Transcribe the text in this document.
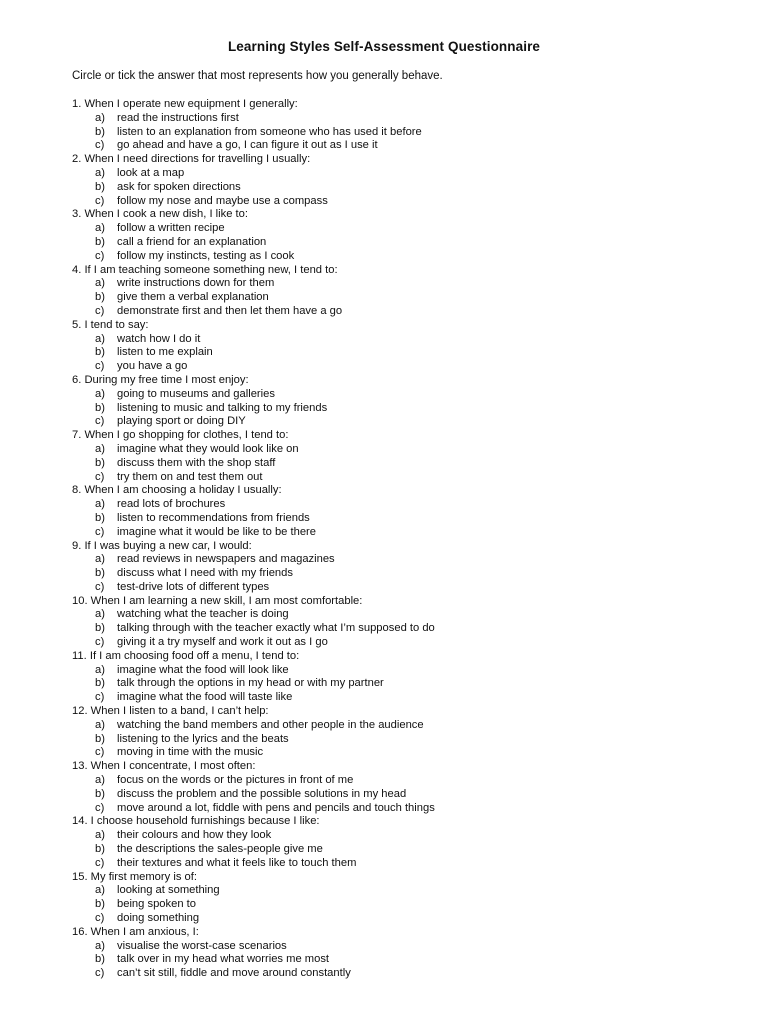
Learning Styles Self-Assessment Questionnaire
Circle or tick the answer that most represents how you generally behave.
1. When I operate new equipment I generally:
a)	read the instructions first
b)	listen to an explanation from someone who has used it before
c)	go ahead and have a go, I can figure it out as I use it
2. When I need directions for travelling I usually:
a)	look at a map
b)	ask for spoken directions
c)	follow my nose and maybe use a compass
3. When I cook a new dish, I like to:
a)	follow a written recipe
b)	call a friend for an explanation
c)	follow my instincts, testing as I cook
4. If I am teaching someone something new, I tend to:
a)	write instructions down for them
b)	give them a verbal explanation
c)	demonstrate first and then let them have a go
5. I tend to say:
a)	watch how I do it
b)	listen to me explain
c)	you have a go
6. During my free time I most enjoy:
a)	going to museums and galleries
b)	listening to music and talking to my friends
c)	playing sport or doing DIY
7. When I go shopping for clothes, I tend to:
a)	imagine what they would look like on
b)	discuss them with the shop staff
c)	try them on and test them out
8. When I am choosing a holiday I usually:
a)	read lots of brochures
b)	listen to recommendations from friends
c)	imagine what it would be like to be there
9. If I was buying a new car, I would:
a)	read reviews in newspapers and magazines
b)	discuss what I need with my friends
c)	test-drive lots of different types
10. When I am learning a new skill, I am most comfortable:
a)	watching what the teacher is doing
b)	talking through with the teacher exactly what I’m supposed to do
c)	giving it a try myself and work it out as I go
11. If I am choosing food off a menu, I tend to:
a)	imagine what the food will look like
b)	talk through the options in my head or with my partner
c)	imagine what the food will taste like
12. When I listen to a band, I can’t help:
a)	watching the band members and other people in the audience
b)	listening to the lyrics and the beats
c)	moving in time with the music
13. When I concentrate, I most often:
a)	focus on the words or the pictures in front of me
b)	discuss the problem and the possible solutions in my head
c)	move around a lot, fiddle with pens and pencils and touch things
14. I choose household furnishings because I like:
a)	their colours and how they look
b)	the descriptions the sales-people give me
c)	their textures and what it feels like to touch them
15. My first memory is of:
a)	looking at something
b)	being spoken to
c)	doing something
16. When I am anxious, I:
a)	visualise the worst-case scenarios
b)	talk over in my head what worries me most
c)	can’t sit still, fiddle and move around constantly
